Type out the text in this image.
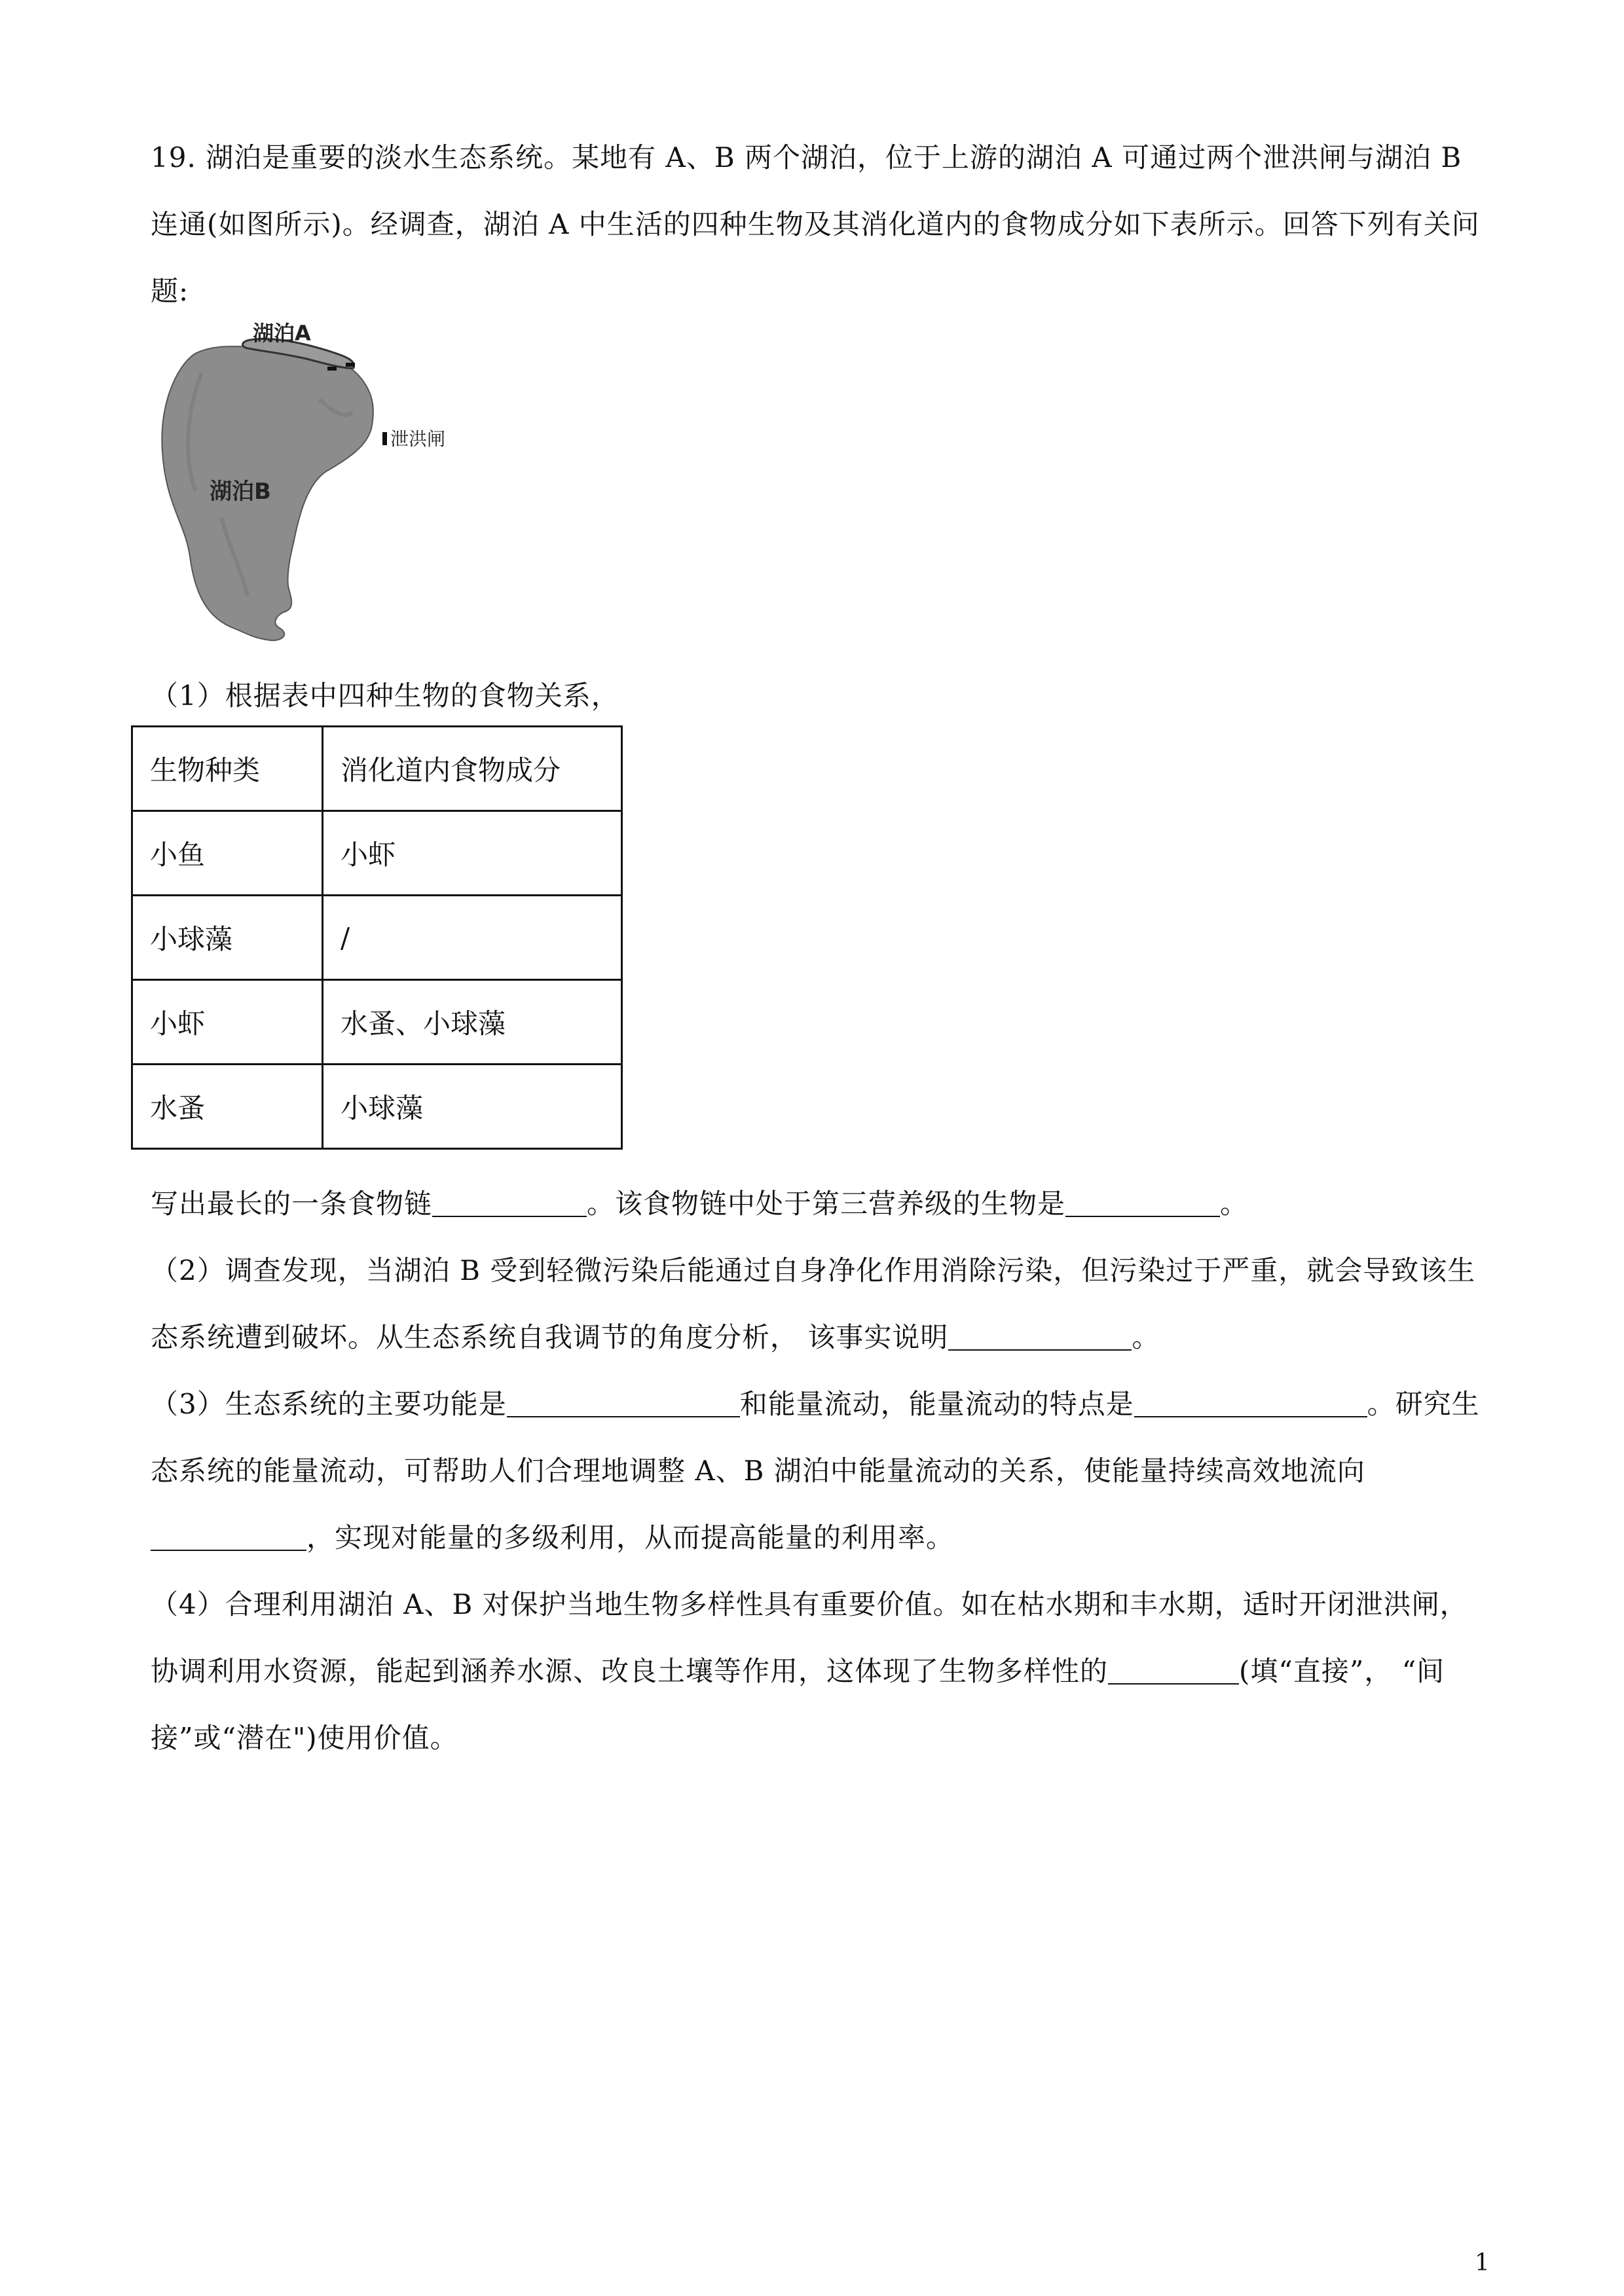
19. 湖泊是重要的淡水生态系统。某地有 A、B 两个湖泊，位于上游的湖泊 A 可通过两个泄洪闸与湖泊 B
连通(如图所示)。经调查，湖泊 A 中生活的四种生物及其消化道内的食物成分如下表所示。回答下列有关问
题:
湖泊A
湖泊B
泄洪闸
（1）根据表中四种生物的食物关系，
生物种类	消化道内食物成分
小鱼	小虾
小球藻	/
小虾	水蚤、小球藻
水蚤	小球藻
写出最长的一条食物链	。该食物链中处于第三营养级的生物是	。
（2）调查发现，当湖泊 B 受到轻微污染后能通过自身净化作用消除污染，但污染过于严重，就会导致该生
态系统遭到破坏。从生态系统自我调节的角度分析， 该事实说明	。
（3）生态系统的主要功能是	和能量流动，能量流动的特点是	。研究生
态系统的能量流动，可帮助人们合理地调整 A、B 湖泊中能量流动的关系，使能量持续高效地流向
，实现对能量的多级利用，从而提高能量的利用率。
（4）合理利用湖泊 A、B 对保护当地生物多样性具有重要价值。如在枯水期和丰水期，适时开闭泄洪闸，
协调利用水资源，能起到涵养水源、改良土壤等作用，这体现了生物多样性的	(填“直接”， “间
接”或“潜在")使用价值。
1
